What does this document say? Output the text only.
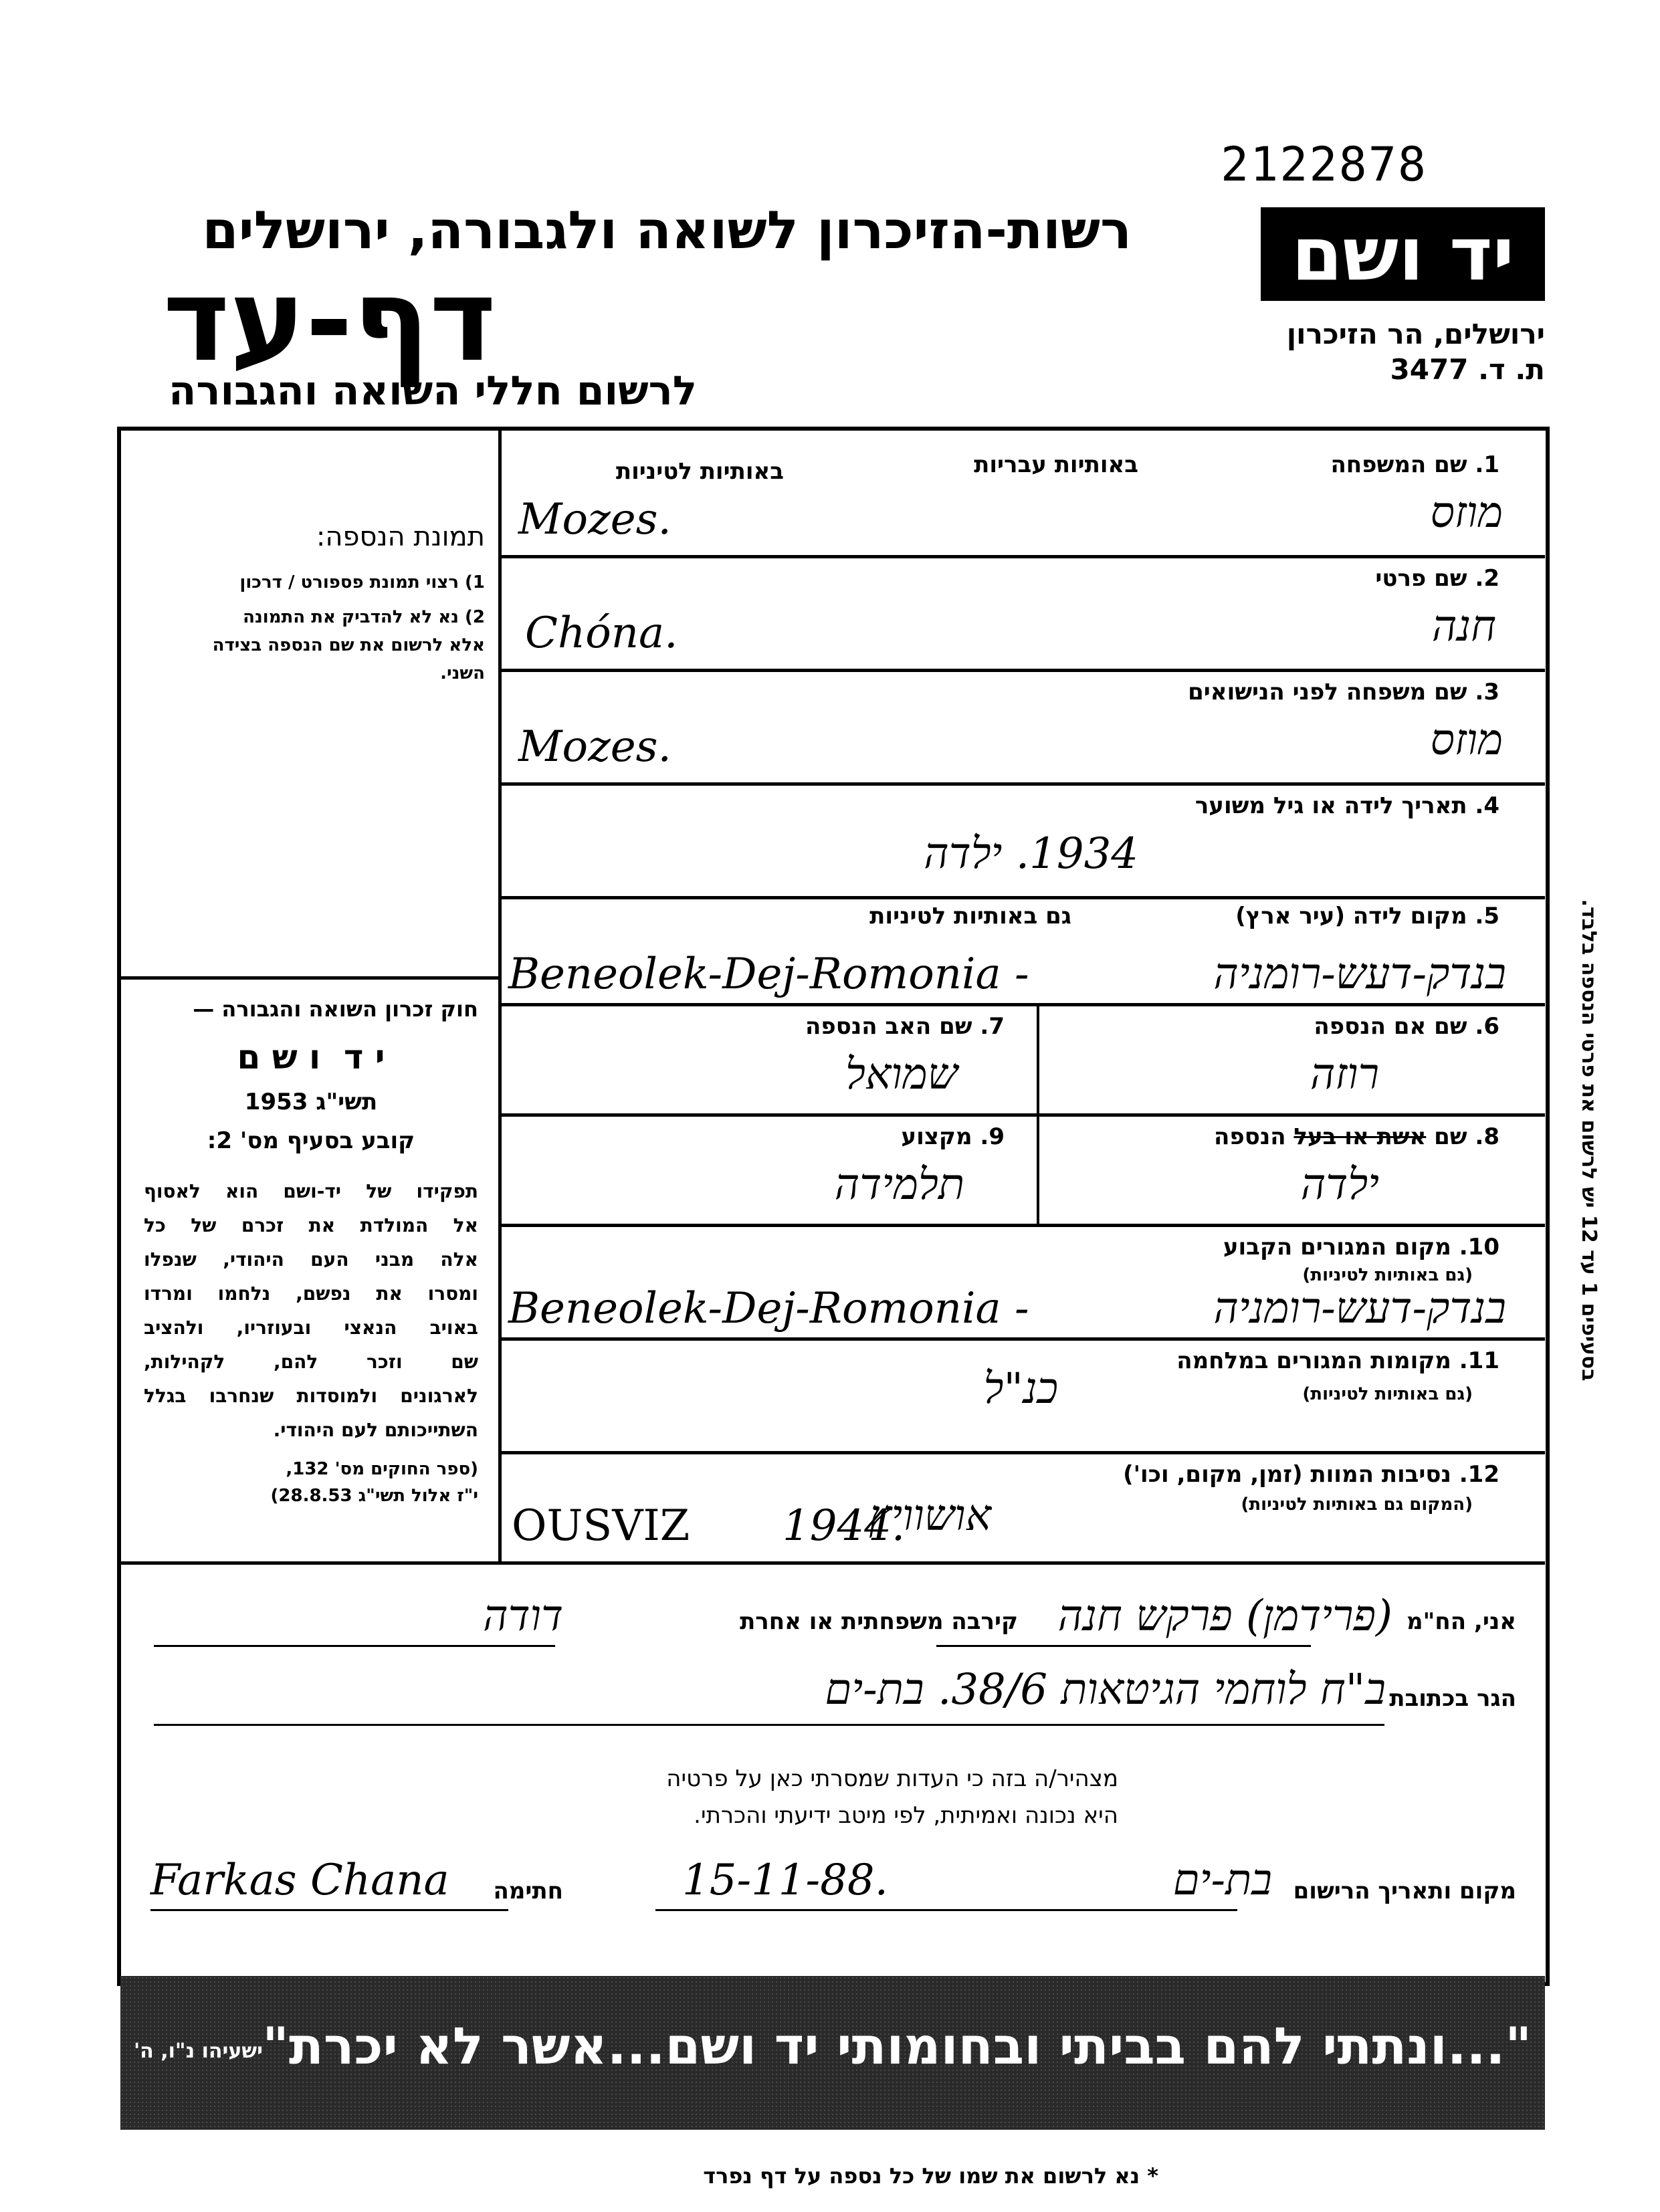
2122878
רשות-הזיכרון לשואה ולגבורה, ירושלים
דף-עד
לרשום חללי השואה והגבורה
יד ושם
ירושלים, הר הזיכרון
ת. ד. 3477
תמונת הנספה:
1) רצוי תמונת פספורט / דרכון
2) נא לא להדביק את התמונה
אלא לרשום את שם הנספה בצידה
השני.
חוק זכרון השואה והגבורה —
י ד  ו ש ם
תשי"ג 1953
קובע בסעיף מס' 2:
תפקידו של יד-ושם הוא לאסוף
אל המולדת את זכרם של כל
אלה מבני העם היהודי, שנפלו
ומסרו את נפשם, נלחמו ומרדו
באויב הנאצי ובעוזריו, ולהציב
שם וזכר להם, לקהילות,
לארגונים ולמוסדות שנחרבו בגלל
השתייכותם לעם היהודי.
(ספר החוקים מס' 132,
י"ז אלול תשי"ג 28.8.53)
1. שם המשפחה
באותיות עבריות
באותיות לטיניות
מוזס
Mozes.
2. שם פרטי
חנה
Chóna.
3. שם משפחה לפני הנישואים
מוזס
Mozes.
4. תאריך לידה או גיל משוער
1934. ילדה
5. מקום לידה (עיר ארץ)
גם באותיות לטיניות
Beneolek-Dej-Romonia -	בנדק-דעש-רומניה
6. שם אם הנספה
רוזה
7. שם האב הנספה
שמואל
8. שם אשת או בעל הנספה
ילדה
9. מקצוע
תלמידה
10. מקום המגורים הקבוע
(גם באותיות לטיניות)
Beneolek-Dej-Romonia -	בנדק-דעש-רומניה
11. מקומות המגורים במלחמה
(גם באותיות לטיניות)
כנ"ל
12. נסיבות המוות (זמן, מקום, וכו')
(המקום גם באותיות לטיניות)
OUSVIZ 1944.
אושוויץ
אני, הח"מ
(פרידמן) פרקש חנה
קירבה משפחתית או אחרת
דודה
הגר בכתובת
ב"ח לוחמי הגיטאות 38/6. בת-ים
מצהיר/ה בזה כי העדות שמסרתי כאן על פרטיה
היא נכונה ואמיתית, לפי מיטב ידיעתי והכרתי.
מקום ותאריך הרישום
בת-ים
15-11-88.
חתימה
Farkas Chana
"...ונתתי להם בביתי ובחומותי יד ושם...אשר לא יכרת"
ישעיהו נ"ו, ה'
בסעיפים 1 עד 12 יש לרשום את פרטי הנספה בלבד.
* נא לרשום את שמו של כל נספה על דף נפרד
